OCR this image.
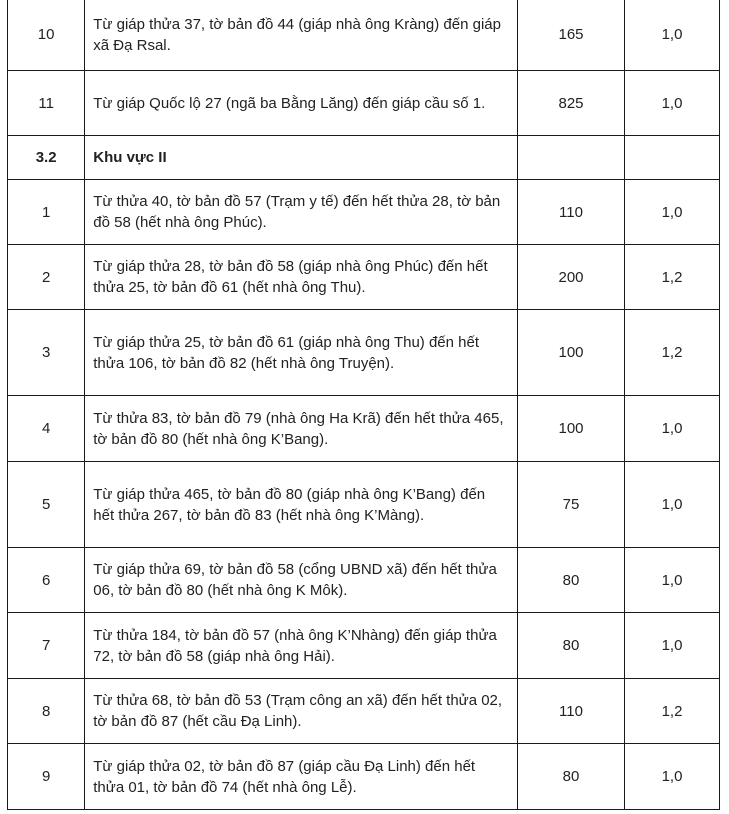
10	Từ giáp thửa 37, tờ bản đồ 44 (giáp nhà ông Kràng) đến giáp xã Đạ Rsal.	165	1,0
11	Từ giáp Quốc lộ 27 (ngã ba Bằng Lăng) đến giáp cầu số 1.	825	1,0
3.2	Khu vực II		
1	Từ thửa 40, tờ bản đồ 57 (Trạm y tế) đến hết thửa 28, tờ bản đồ 58 (hết nhà ông Phúc).	110	1,0
2	Từ giáp thửa 28, tờ bản đồ 58 (giáp nhà ông Phúc) đến hết thửa 25, tờ bản đồ 61 (hết nhà ông Thu).	200	1,2
3	Từ giáp thửa 25, tờ bản đồ 61 (giáp nhà ông Thu) đến hết thửa 106, tờ bản đồ 82 (hết nhà ông Truyện).	100	1,2
4	Từ thửa 83, tờ bản đồ 79 (nhà ông Ha Krã) đến hết thửa 465, tờ bản đồ 80 (hết nhà ông K’Bang).	100	1,0
5	Từ giáp thửa 465, tờ bản đồ 80 (giáp nhà ông K’Bang) đến hết thửa 267, tờ bản đồ 83 (hết nhà ông K’Màng).	75	1,0
6	Từ giáp thửa 69, tờ bản đồ 58 (cổng UBND xã) đến hết thửa 06, tờ bản đồ 80 (hết nhà ông K Môk).	80	1,0
7	Từ thửa 184, tờ bản đồ 57 (nhà ông K’Nhàng) đến giáp thửa 72, tờ bản đồ 58 (giáp nhà ông Hải).	80	1,0
8	Từ thửa 68, tờ bản đồ 53 (Trạm công an xã) đến hết thửa 02, tờ bản đồ 87 (hết cầu Đạ Linh).	110	1,2
9	Từ giáp thửa 02, tờ bản đồ 87 (giáp cầu Đạ Linh) đến hết thửa 01, tờ bản đồ 74 (hết nhà ông Lễ).	80	1,0
